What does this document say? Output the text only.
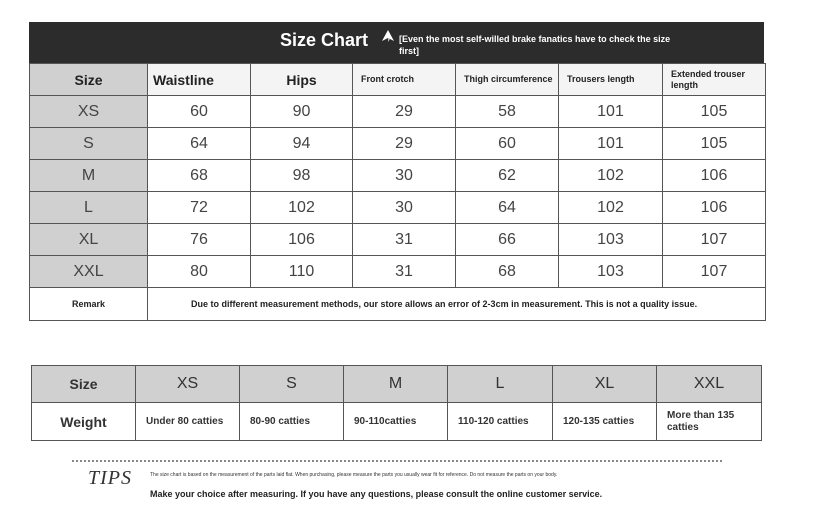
Size Chart	[Even the most self-willed brake fanatics have to check the size first]
Size	Waistline	Hips	Front crotch	Thigh circumference	Trousers length	Extended trouser length
XS	60	90	29	58	101	105
S	64	94	29	60	101	105
M	68	98	30	62	102	106
L	72	102	30	64	102	106
XL	76	106	31	66	103	107
XXL	80	110	31	68	103	107
Remark	Due to different measurement methods, our store allows an error of 2-3cm in measurement. This is not a quality issue.					
Size	XS	S	M	L	XL	XXL
Weight	Under 80 catties	80-90 catties	90-110catties	110-120 catties	120-135 catties	More than 135 catties
TIPS	The size chart is based on the measurement of the parts laid flat. When purchasing, please measure the parts you usually wear fit for reference. Do not measure the parts on your body.
Make your choice after measuring. If you have any questions, please consult the online customer service.
